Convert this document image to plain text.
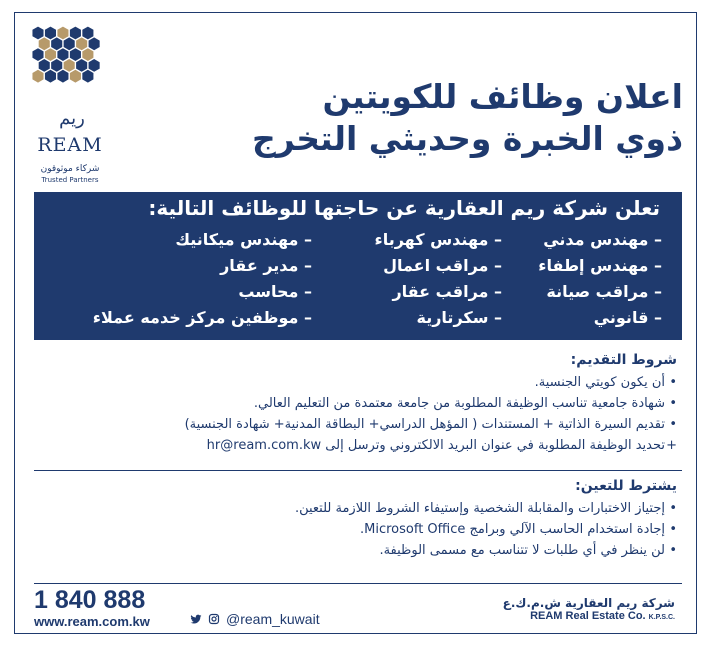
ريم
REAM
شركاء موثوقون
Trusted Partners
اعلان وظائف للكويتين
ذوي الخبرة وحديثي التخرج
تعلن شركة ريم العقارية عن حاجتها للوظائف التالية:
– مهندس مدني
– مهندس كهرباء
– مهندس ميكانيك
– مهندس إطفاء
– مراقب اعمال
– مدير عقار
– مراقب صيانة
– مراقب عقار
– محاسب
– قانوني
– سكرتارية
– موظفين مركز خدمه عملاء
شروط التقديم:
• أن يكون كويتي الجنسية.
• شهادة جامعية تناسب الوظيفة المطلوبة من جامعة معتمدة من التعليم العالي.
• تقديم السيرة الذاتية + المستندات ( المؤهل الدراسي+ البطاقة المدنية+ شهادة الجنسية)
+ تحديد الوظيفة المطلوبة في عنوان البريد الالكتروني وترسل إلى hr@ream.com.kw
يشترط للتعين:
• إجتياز الاختبارات والمقابلة الشخصية وإستيفاء الشروط اللازمة للتعين.
• إجادة استخدام الحاسب الآلي وبرامج Microsoft Office.
• لن ينظر في أي طلبات لا تتناسب مع مسمى الوظيفة.
1 840 888
www.ream.com.kw	@ream_kuwait
شركة ريم العقارية ش.م.ك.ع
REAM Real Estate Co. K.P.S.C.
